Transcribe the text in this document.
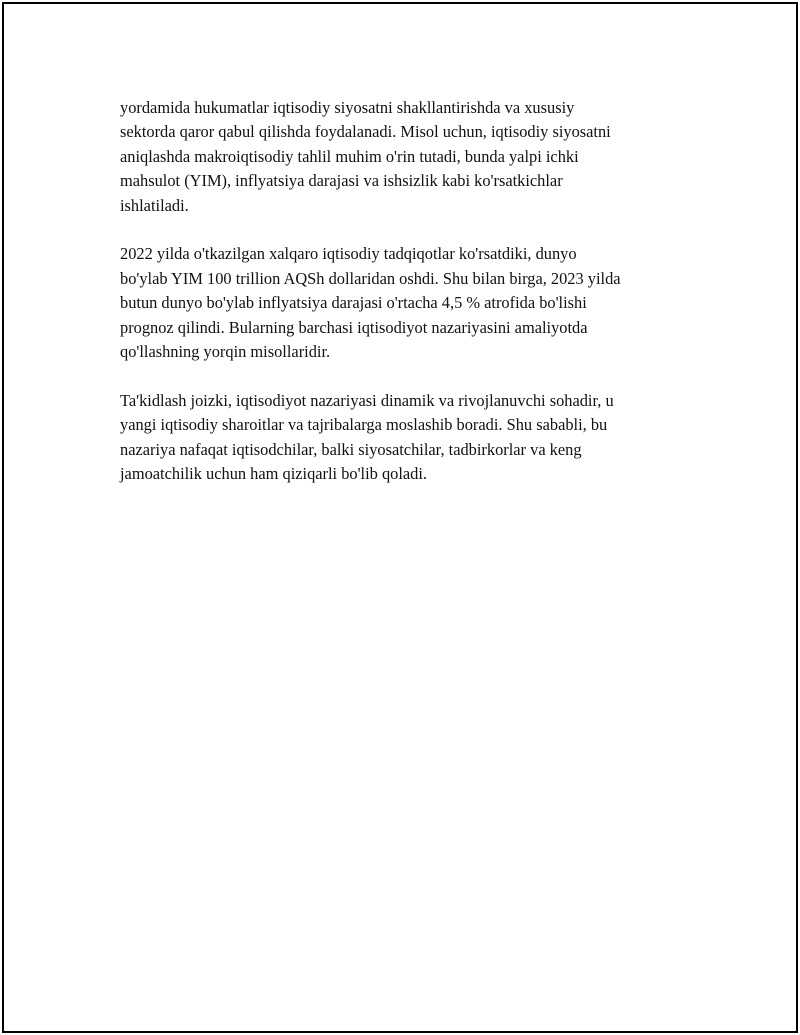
yordamida hukumatlar iqtisodiy siyosatni shakllantirishda va xususiy
sektorda qaror qabul qilishda foydalanadi. Misol uchun, iqtisodiy siyosatni
aniqlashda makroiqtisodiy tahlil muhim o'rin tutadi, bunda yalpi ichki
mahsulot (YIM), inflyatsiya darajasi va ishsizlik kabi ko'rsatkichlar
ishlatiladi.

2022 yilda o'tkazilgan xalqaro iqtisodiy tadqiqotlar ko'rsatdiki, dunyo
bo'ylab YIM 100 trillion AQSh dollaridan oshdi. Shu bilan birga, 2023 yilda
butun dunyo bo'ylab inflyatsiya darajasi o'rtacha 4,5 % atrofida bo'lishi
prognoz qilindi. Bularning barchasi iqtisodiyot nazariyasini amaliyotda
qo'llashning yorqin misollaridir.

Ta'kidlash joizki, iqtisodiyot nazariyasi dinamik va rivojlanuvchi sohadir, u
yangi iqtisodiy sharoitlar va tajribalarga moslashib boradi. Shu sababli, bu
nazariya nafaqat iqtisodchilar, balki siyosatchilar, tadbirkorlar va keng
jamoatchilik uchun ham qiziqarli bo'lib qoladi.
